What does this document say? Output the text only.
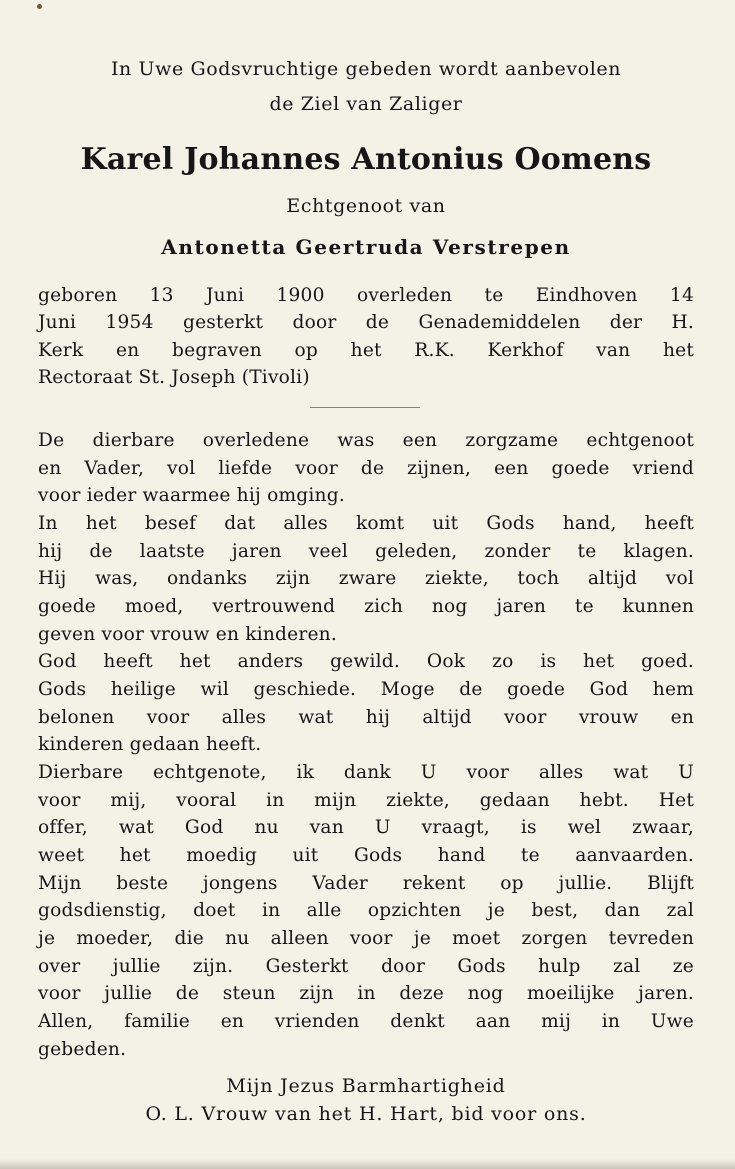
In Uwe Godsvruchtige gebeden wordt aanbevolen
de Ziel van Zaliger
Karel Johannes Antonius Oomens
Echtgenoot van
Antonetta Geertruda Verstrepen
geboren 13 Juni 1900 overleden te Eindhoven 14
Juni 1954 gesterkt door de Genademiddelen der H.
Kerk en begraven op het R.K. Kerkhof van het
Rectoraat St. Joseph (Tivoli)
De dierbare overledene was een zorgzame echtgenoot
en Vader, vol liefde voor de zijnen, een goede vriend
voor ieder waarmee hij omging.
In het besef dat alles komt uit Gods hand, heeft
hij de laatste jaren veel geleden, zonder te klagen.
Hij was, ondanks zijn zware ziekte, toch altijd vol
goede moed, vertrouwend zich nog jaren te kunnen
geven voor vrouw en kinderen.
God heeft het anders gewild. Ook zo is het goed.
Gods heilige wil geschiede. Moge de goede God hem
belonen voor alles wat hij altijd voor vrouw en
kinderen gedaan heeft.
Dierbare echtgenote, ik dank U voor alles wat U
voor mij, vooral in mijn ziekte, gedaan hebt. Het
offer, wat God nu van U vraagt, is wel zwaar,
weet het moedig uit Gods hand te aanvaarden.
Mijn beste jongens Vader rekent op jullie. Blijft
godsdienstig, doet in alle opzichten je best, dan zal
je moeder, die nu alleen voor je moet zorgen tevreden
over jullie zijn. Gesterkt door Gods hulp zal ze
voor jullie de steun zijn in deze nog moeilijke jaren.
Allen, familie en vrienden denkt aan mij in Uwe
gebeden.
Mijn Jezus Barmhartigheid
O. L. Vrouw van het H. Hart, bid voor ons.
